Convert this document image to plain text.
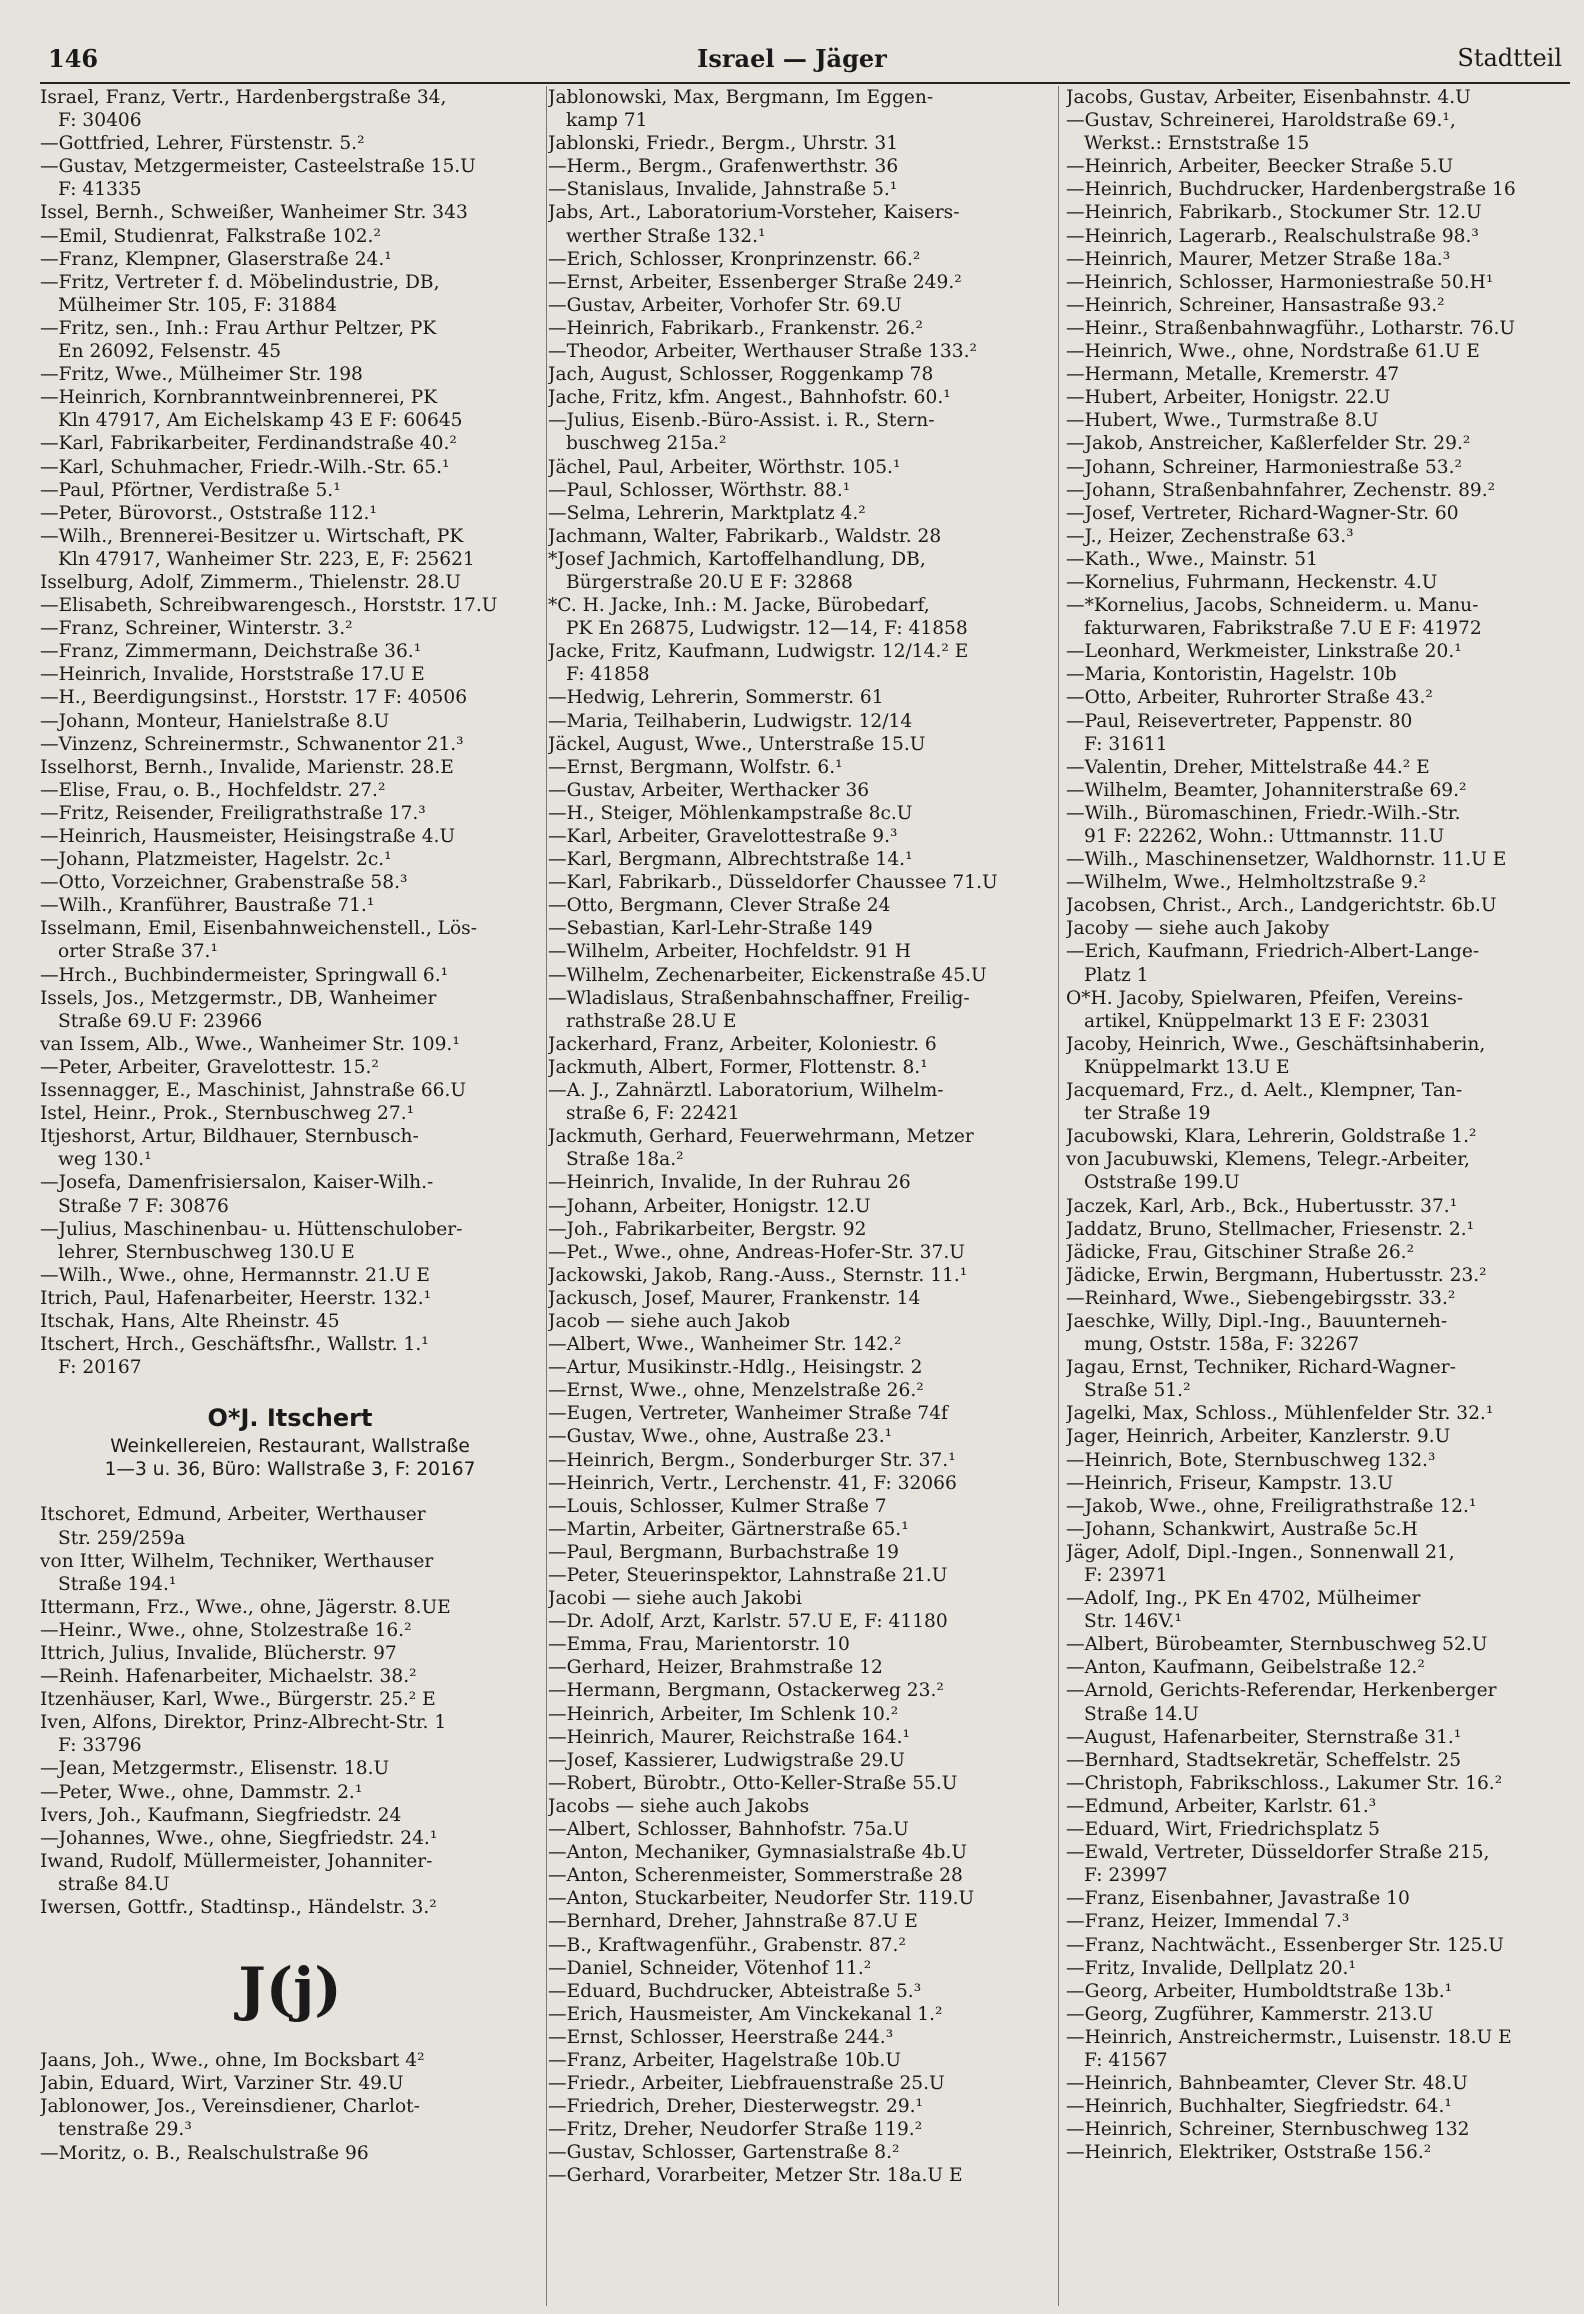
146	Israel — Jäger	Stadtteil
Israel, Franz, Vertr., Hardenbergstraße 34,
F: 30406
—Gottfried, Lehrer, Fürstenstr. 5.²
—Gustav, Metzgermeister, Casteelstraße 15.U
F: 41335
Issel, Bernh., Schweißer, Wanheimer Str. 343
—Emil, Studienrat, Falkstraße 102.²
—Franz, Klempner, Glaserstraße 24.¹
—Fritz, Vertreter f. d. Möbelindustrie, DB,
Mülheimer Str. 105, F: 31884
—Fritz, sen., Inh.: Frau Arthur Peltzer, PK
En 26092, Felsenstr. 45
—Fritz, Wwe., Mülheimer Str. 198
—Heinrich, Kornbranntweinbrennerei, PK
Kln 47917, Am Eichelskamp 43 E F: 60645
—Karl, Fabrikarbeiter, Ferdinandstraße 40.²
—Karl, Schuhmacher, Friedr.-Wilh.-Str. 65.¹
—Paul, Pförtner, Verdistraße 5.¹
—Peter, Bürovorst., Oststraße 112.¹
—Wilh., Brennerei-Besitzer u. Wirtschaft, PK
Kln 47917, Wanheimer Str. 223, E, F: 25621
Isselburg, Adolf, Zimmerm., Thielenstr. 28.U
—Elisabeth, Schreibwarengesch., Horststr. 17.U
—Franz, Schreiner, Winterstr. 3.²
—Franz, Zimmermann, Deichstraße 36.¹
—Heinrich, Invalide, Horststraße 17.U E
—H., Beerdigungsinst., Horststr. 17 F: 40506
—Johann, Monteur, Hanielstraße 8.U
—Vinzenz, Schreinermstr., Schwanentor 21.³
Isselhorst, Bernh., Invalide, Marienstr. 28.E
—Elise, Frau, o. B., Hochfeldstr. 27.²
—Fritz, Reisender, Freiligrathstraße 17.³
—Heinrich, Hausmeister, Heisingstraße 4.U
—Johann, Platzmeister, Hagelstr. 2c.¹
—Otto, Vorzeichner, Grabenstraße 58.³
—Wilh., Kranführer, Baustraße 71.¹
Isselmann, Emil, Eisenbahnweichenstell., Lös-
orter Straße 37.¹
—Hrch., Buchbindermeister, Springwall 6.¹
Issels, Jos., Metzgermstr., DB, Wanheimer
Straße 69.U F: 23966
van Issem, Alb., Wwe., Wanheimer Str. 109.¹
—Peter, Arbeiter, Gravelottestr. 15.²
Issennagger, E., Maschinist, Jahnstraße 66.U
Istel, Heinr., Prok., Sternbuschweg 27.¹
Itjeshorst, Artur, Bildhauer, Sternbusch-
weg 130.¹
—Josefa, Damenfrisiersalon, Kaiser-Wilh.-
Straße 7 F: 30876
—Julius, Maschinenbau- u. Hüttenschulober-
lehrer, Sternbuschweg 130.U E
—Wilh., Wwe., ohne, Hermannstr. 21.U E
Itrich, Paul, Hafenarbeiter, Heerstr. 132.¹
Itschak, Hans, Alte Rheinstr. 45
Itschert, Hrch., Geschäftsfhr., Wallstr. 1.¹
F: 20167
O*J. Itschert
Weinkellereien, Restaurant, Wallstraße
1—3 u. 36, Büro: Wallstraße 3, F: 20167
Itschoret, Edmund, Arbeiter, Werthauser
Str. 259/259a
von Itter, Wilhelm, Techniker, Werthauser
Straße 194.¹
Ittermann, Frz., Wwe., ohne, Jägerstr. 8.UE
—Heinr., Wwe., ohne, Stolzestraße 16.²
Ittrich, Julius, Invalide, Blücherstr. 97
—Reinh. Hafenarbeiter, Michaelstr. 38.²
Itzenhäuser, Karl, Wwe., Bürgerstr. 25.² E
Iven, Alfons, Direktor, Prinz-Albrecht-Str. 1
F: 33796
—Jean, Metzgermstr., Elisenstr. 18.U
—Peter, Wwe., ohne, Dammstr. 2.¹
Ivers, Joh., Kaufmann, Siegfriedstr. 24
—Johannes, Wwe., ohne, Siegfriedstr. 24.¹
Iwand, Rudolf, Müllermeister, Johanniter-
straße 84.U
Iwersen, Gottfr., Stadtinsp., Händelstr. 3.²
J(j)
Jaans, Joh., Wwe., ohne, Im Bocksbart 4²
Jabin, Eduard, Wirt, Varziner Str. 49.U
Jablonower, Jos., Vereinsdiener, Charlot-
tenstraße 29.³
—Moritz, o. B., Realschulstraße 96
Jablonowski, Max, Bergmann, Im Eggen-
kamp 71
Jablonski, Friedr., Bergm., Uhrstr. 31
—Herm., Bergm., Grafenwerthstr. 36
—Stanislaus, Invalide, Jahnstraße 5.¹
Jabs, Art., Laboratorium-Vorsteher, Kaisers-
werther Straße 132.¹
—Erich, Schlosser, Kronprinzenstr. 66.²
—Ernst, Arbeiter, Essenberger Straße 249.²
—Gustav, Arbeiter, Vorhofer Str. 69.U
—Heinrich, Fabrikarb., Frankenstr. 26.²
—Theodor, Arbeiter, Werthauser Straße 133.²
Jach, August, Schlosser, Roggenkamp 78
Jache, Fritz, kfm. Angest., Bahnhofstr. 60.¹
—Julius, Eisenb.-Büro-Assist. i. R., Stern-
buschweg 215a.²
Jächel, Paul, Arbeiter, Wörthstr. 105.¹
—Paul, Schlosser, Wörthstr. 88.¹
—Selma, Lehrerin, Marktplatz 4.²
Jachmann, Walter, Fabrikarb., Waldstr. 28
*Josef Jachmich, Kartoffelhandlung, DB,
Bürgerstraße 20.U E F: 32868
*C. H. Jacke, Inh.: M. Jacke, Bürobedarf,
PK En 26875, Ludwigstr. 12—14, F: 41858
Jacke, Fritz, Kaufmann, Ludwigstr. 12/14.² E
F: 41858
—Hedwig, Lehrerin, Sommerstr. 61
—Maria, Teilhaberin, Ludwigstr. 12/14
Jäckel, August, Wwe., Unterstraße 15.U
—Ernst, Bergmann, Wolfstr. 6.¹
—Gustav, Arbeiter, Werthacker 36
—H., Steiger, Möhlenkampstraße 8c.U
—Karl, Arbeiter, Gravelottestraße 9.³
—Karl, Bergmann, Albrechtstraße 14.¹
—Karl, Fabrikarb., Düsseldorfer Chaussee 71.U
—Otto, Bergmann, Clever Straße 24
—Sebastian, Karl-Lehr-Straße 149
—Wilhelm, Arbeiter, Hochfeldstr. 91 H
—Wilhelm, Zechenarbeiter, Eickenstraße 45.U
—Wladislaus, Straßenbahnschaffner, Freilig-
rathstraße 28.U E
Jackerhard, Franz, Arbeiter, Koloniestr. 6
Jackmuth, Albert, Former, Flottenstr. 8.¹
—A. J., Zahnärztl. Laboratorium, Wilhelm-
straße 6, F: 22421
Jackmuth, Gerhard, Feuerwehrmann, Metzer
Straße 18a.²
—Heinrich, Invalide, In der Ruhrau 26
—Johann, Arbeiter, Honigstr. 12.U
—Joh., Fabrikarbeiter, Bergstr. 92
—Pet., Wwe., ohne, Andreas-Hofer-Str. 37.U
Jackowski, Jakob, Rang.-Auss., Sternstr. 11.¹
Jackusch, Josef, Maurer, Frankenstr. 14
Jacob — siehe auch Jakob
—Albert, Wwe., Wanheimer Str. 142.²
—Artur, Musikinstr.-Hdlg., Heisingstr. 2
—Ernst, Wwe., ohne, Menzelstraße 26.²
—Eugen, Vertreter, Wanheimer Straße 74f
—Gustav, Wwe., ohne, Austraße 23.¹
—Heinrich, Bergm., Sonderburger Str. 37.¹
—Heinrich, Vertr., Lerchenstr. 41, F: 32066
—Louis, Schlosser, Kulmer Straße 7
—Martin, Arbeiter, Gärtnerstraße 65.¹
—Paul, Bergmann, Burbachstraße 19
—Peter, Steuerinspektor, Lahnstraße 21.U
Jacobi — siehe auch Jakobi
—Dr. Adolf, Arzt, Karlstr. 57.U E, F: 41180
—Emma, Frau, Marientorstr. 10
—Gerhard, Heizer, Brahmstraße 12
—Hermann, Bergmann, Ostackerweg 23.²
—Heinrich, Arbeiter, Im Schlenk 10.²
—Heinrich, Maurer, Reichstraße 164.¹
—Josef, Kassierer, Ludwigstraße 29.U
—Robert, Bürobtr., Otto-Keller-Straße 55.U
Jacobs — siehe auch Jakobs
—Albert, Schlosser, Bahnhofstr. 75a.U
—Anton, Mechaniker, Gymnasialstraße 4b.U
—Anton, Scherenmeister, Sommerstraße 28
—Anton, Stuckarbeiter, Neudorfer Str. 119.U
—Bernhard, Dreher, Jahnstraße 87.U E
—B., Kraftwagenführ., Grabenstr. 87.²
—Daniel, Schneider, Vötenhof 11.²
—Eduard, Buchdrucker, Abteistraße 5.³
—Erich, Hausmeister, Am Vinckekanal 1.²
—Ernst, Schlosser, Heerstraße 244.³
—Franz, Arbeiter, Hagelstraße 10b.U
—Friedr., Arbeiter, Liebfrauenstraße 25.U
—Friedrich, Dreher, Diesterwegstr. 29.¹
—Fritz, Dreher, Neudorfer Straße 119.²
—Gustav, Schlosser, Gartenstraße 8.²
—Gerhard, Vorarbeiter, Metzer Str. 18a.U E
Jacobs, Gustav, Arbeiter, Eisenbahnstr. 4.U
—Gustav, Schreinerei, Haroldstraße 69.¹,
Werkst.: Ernststraße 15
—Heinrich, Arbeiter, Beecker Straße 5.U
—Heinrich, Buchdrucker, Hardenbergstraße 16
—Heinrich, Fabrikarb., Stockumer Str. 12.U
—Heinrich, Lagerarb., Realschulstraße 98.³
—Heinrich, Maurer, Metzer Straße 18a.³
—Heinrich, Schlosser, Harmoniestraße 50.H¹
—Heinrich, Schreiner, Hansastraße 93.²
—Heinr., Straßenbahnwagführ., Lotharstr. 76.U
—Heinrich, Wwe., ohne, Nordstraße 61.U E
—Hermann, Metalle, Kremerstr. 47
—Hubert, Arbeiter, Honigstr. 22.U
—Hubert, Wwe., Turmstraße 8.U
—Jakob, Anstreicher, Kaßlerfelder Str. 29.²
—Johann, Schreiner, Harmoniestraße 53.²
—Johann, Straßenbahnfahrer, Zechenstr. 89.²
—Josef, Vertreter, Richard-Wagner-Str. 60
—J., Heizer, Zechenstraße 63.³
—Kath., Wwe., Mainstr. 51
—Kornelius, Fuhrmann, Heckenstr. 4.U
—*Kornelius, Jacobs, Schneiderm. u. Manu-
fakturwaren, Fabrikstraße 7.U E F: 41972
—Leonhard, Werkmeister, Linkstraße 20.¹
—Maria, Kontoristin, Hagelstr. 10b
—Otto, Arbeiter, Ruhrorter Straße 43.²
—Paul, Reisevertreter, Pappenstr. 80
F: 31611
—Valentin, Dreher, Mittelstraße 44.² E
—Wilhelm, Beamter, Johanniterstraße 69.²
—Wilh., Büromaschinen, Friedr.-Wilh.-Str.
91 F: 22262, Wohn.: Uttmannstr. 11.U
—Wilh., Maschinensetzer, Waldhornstr. 11.U E
—Wilhelm, Wwe., Helmholtzstraße 9.²
Jacobsen, Christ., Arch., Landgerichtstr. 6b.U
Jacoby — siehe auch Jakoby
—Erich, Kaufmann, Friedrich-Albert-Lange-
Platz 1
O*H. Jacoby, Spielwaren, Pfeifen, Vereins-
artikel, Knüppelmarkt 13 E F: 23031
Jacoby, Heinrich, Wwe., Geschäftsinhaberin,
Knüppelmarkt 13.U E
Jacquemard, Frz., d. Aelt., Klempner, Tan-
ter Straße 19
Jacubowski, Klara, Lehrerin, Goldstraße 1.²
von Jacubuwski, Klemens, Telegr.-Arbeiter,
Oststraße 199.U
Jaczek, Karl, Arb., Bck., Hubertusstr. 37.¹
Jaddatz, Bruno, Stellmacher, Friesenstr. 2.¹
Jädicke, Frau, Gitschiner Straße 26.²
Jädicke, Erwin, Bergmann, Hubertusstr. 23.²
—Reinhard, Wwe., Siebengebirgsstr. 33.²
Jaeschke, Willy, Dipl.-Ing., Bauunterneh-
mung, Oststr. 158a, F: 32267
Jagau, Ernst, Techniker, Richard-Wagner-
Straße 51.²
Jagelki, Max, Schloss., Mühlenfelder Str. 32.¹
Jager, Heinrich, Arbeiter, Kanzlerstr. 9.U
—Heinrich, Bote, Sternbuschweg 132.³
—Heinrich, Friseur, Kampstr. 13.U
—Jakob, Wwe., ohne, Freiligrathstraße 12.¹
—Johann, Schankwirt, Austraße 5c.H
Jäger, Adolf, Dipl.-Ingen., Sonnenwall 21,
F: 23971
—Adolf, Ing., PK En 4702, Mülheimer
Str. 146V.¹
—Albert, Bürobeamter, Sternbuschweg 52.U
—Anton, Kaufmann, Geibelstraße 12.²
—Arnold, Gerichts-Referendar, Herkenberger
Straße 14.U
—August, Hafenarbeiter, Sternstraße 31.¹
—Bernhard, Stadtsekretär, Scheffelstr. 25
—Christoph, Fabrikschloss., Lakumer Str. 16.²
—Edmund, Arbeiter, Karlstr. 61.³
—Eduard, Wirt, Friedrichsplatz 5
—Ewald, Vertreter, Düsseldorfer Straße 215,
F: 23997
—Franz, Eisenbahner, Javastraße 10
—Franz, Heizer, Immendal 7.³
—Franz, Nachtwächt., Essenberger Str. 125.U
—Fritz, Invalide, Dellplatz 20.¹
—Georg, Arbeiter, Humboldtstraße 13b.¹
—Georg, Zugführer, Kammerstr. 213.U
—Heinrich, Anstreichermstr., Luisenstr. 18.U E
F: 41567
—Heinrich, Bahnbeamter, Clever Str. 48.U
—Heinrich, Buchhalter, Siegfriedstr. 64.¹
—Heinrich, Schreiner, Sternbuschweg 132
—Heinrich, Elektriker, Oststraße 156.²
